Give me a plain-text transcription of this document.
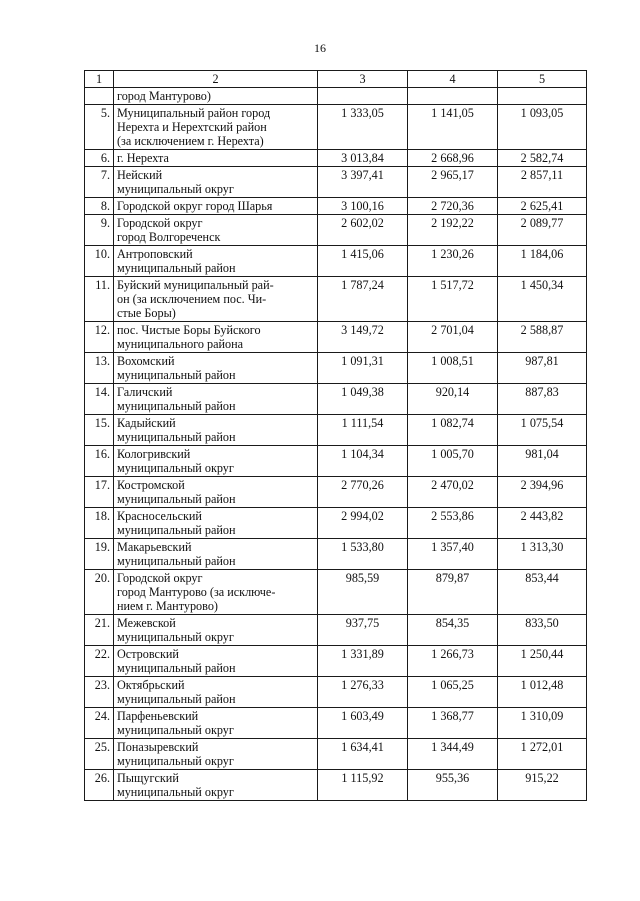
16
1	2	3	4	5

	город Мантурово)			

5.	Муниципальный район город
Нерехта и Нерехтский район
(за исключением г. Нерехта)	1 333,05	1 141,05	1 093,05
6.	г. Нерехта	3 013,84	2 668,96	2 582,74
7.	Нейский
муниципальный округ	3 397,41	2 965,17	2 857,11
8.	Городской округ город Шарья	3 100,16	2 720,36	2 625,41
9.	Городской округ
город Волгореченск	2 602,02	2 192,22	2 089,77
10.	Антроповский
муниципальный район	1 415,06	1 230,26	1 184,06
11.	Буйский муниципальный рай-
он (за исключением пос. Чи-
стые Боры)	1 787,24	1 517,72	1 450,34
12.	пос. Чистые Боры Буйского
муниципального района	3 149,72	2 701,04	2 588,87
13.	Вохомский
муниципальный район	1 091,31	1 008,51	987,81
14.	Галичский
муниципальный район	1 049,38	920,14	887,83
15.	Кадыйский
муниципальный район	1 111,54	1 082,74	1 075,54
16.	Кологривский
муниципальный округ	1 104,34	1 005,70	981,04
17.	Костромской
муниципальный район	2 770,26	2 470,02	2 394,96
18.	Красносельский
муниципальный район	2 994,02	2 553,86	2 443,82
19.	Макарьевский
муниципальный район	1 533,80	1 357,40	1 313,30
20.	Городской округ
город Мантурово (за исключе-
нием г. Мантурово)	985,59	879,87	853,44
21.	Межевской
муниципальный округ	937,75	854,35	833,50
22.	Островский
муниципальный район	1 331,89	1 266,73	1 250,44
23.	Октябрьский
муниципальный район	1 276,33	1 065,25	1 012,48
24.	Парфеньевский
муниципальный округ	1 603,49	1 368,77	1 310,09
25.	Поназыревский
муниципальный округ	1 634,41	1 344,49	1 272,01
26.	Пыщугский
муниципальный округ	1 115,92	955,36	915,22
